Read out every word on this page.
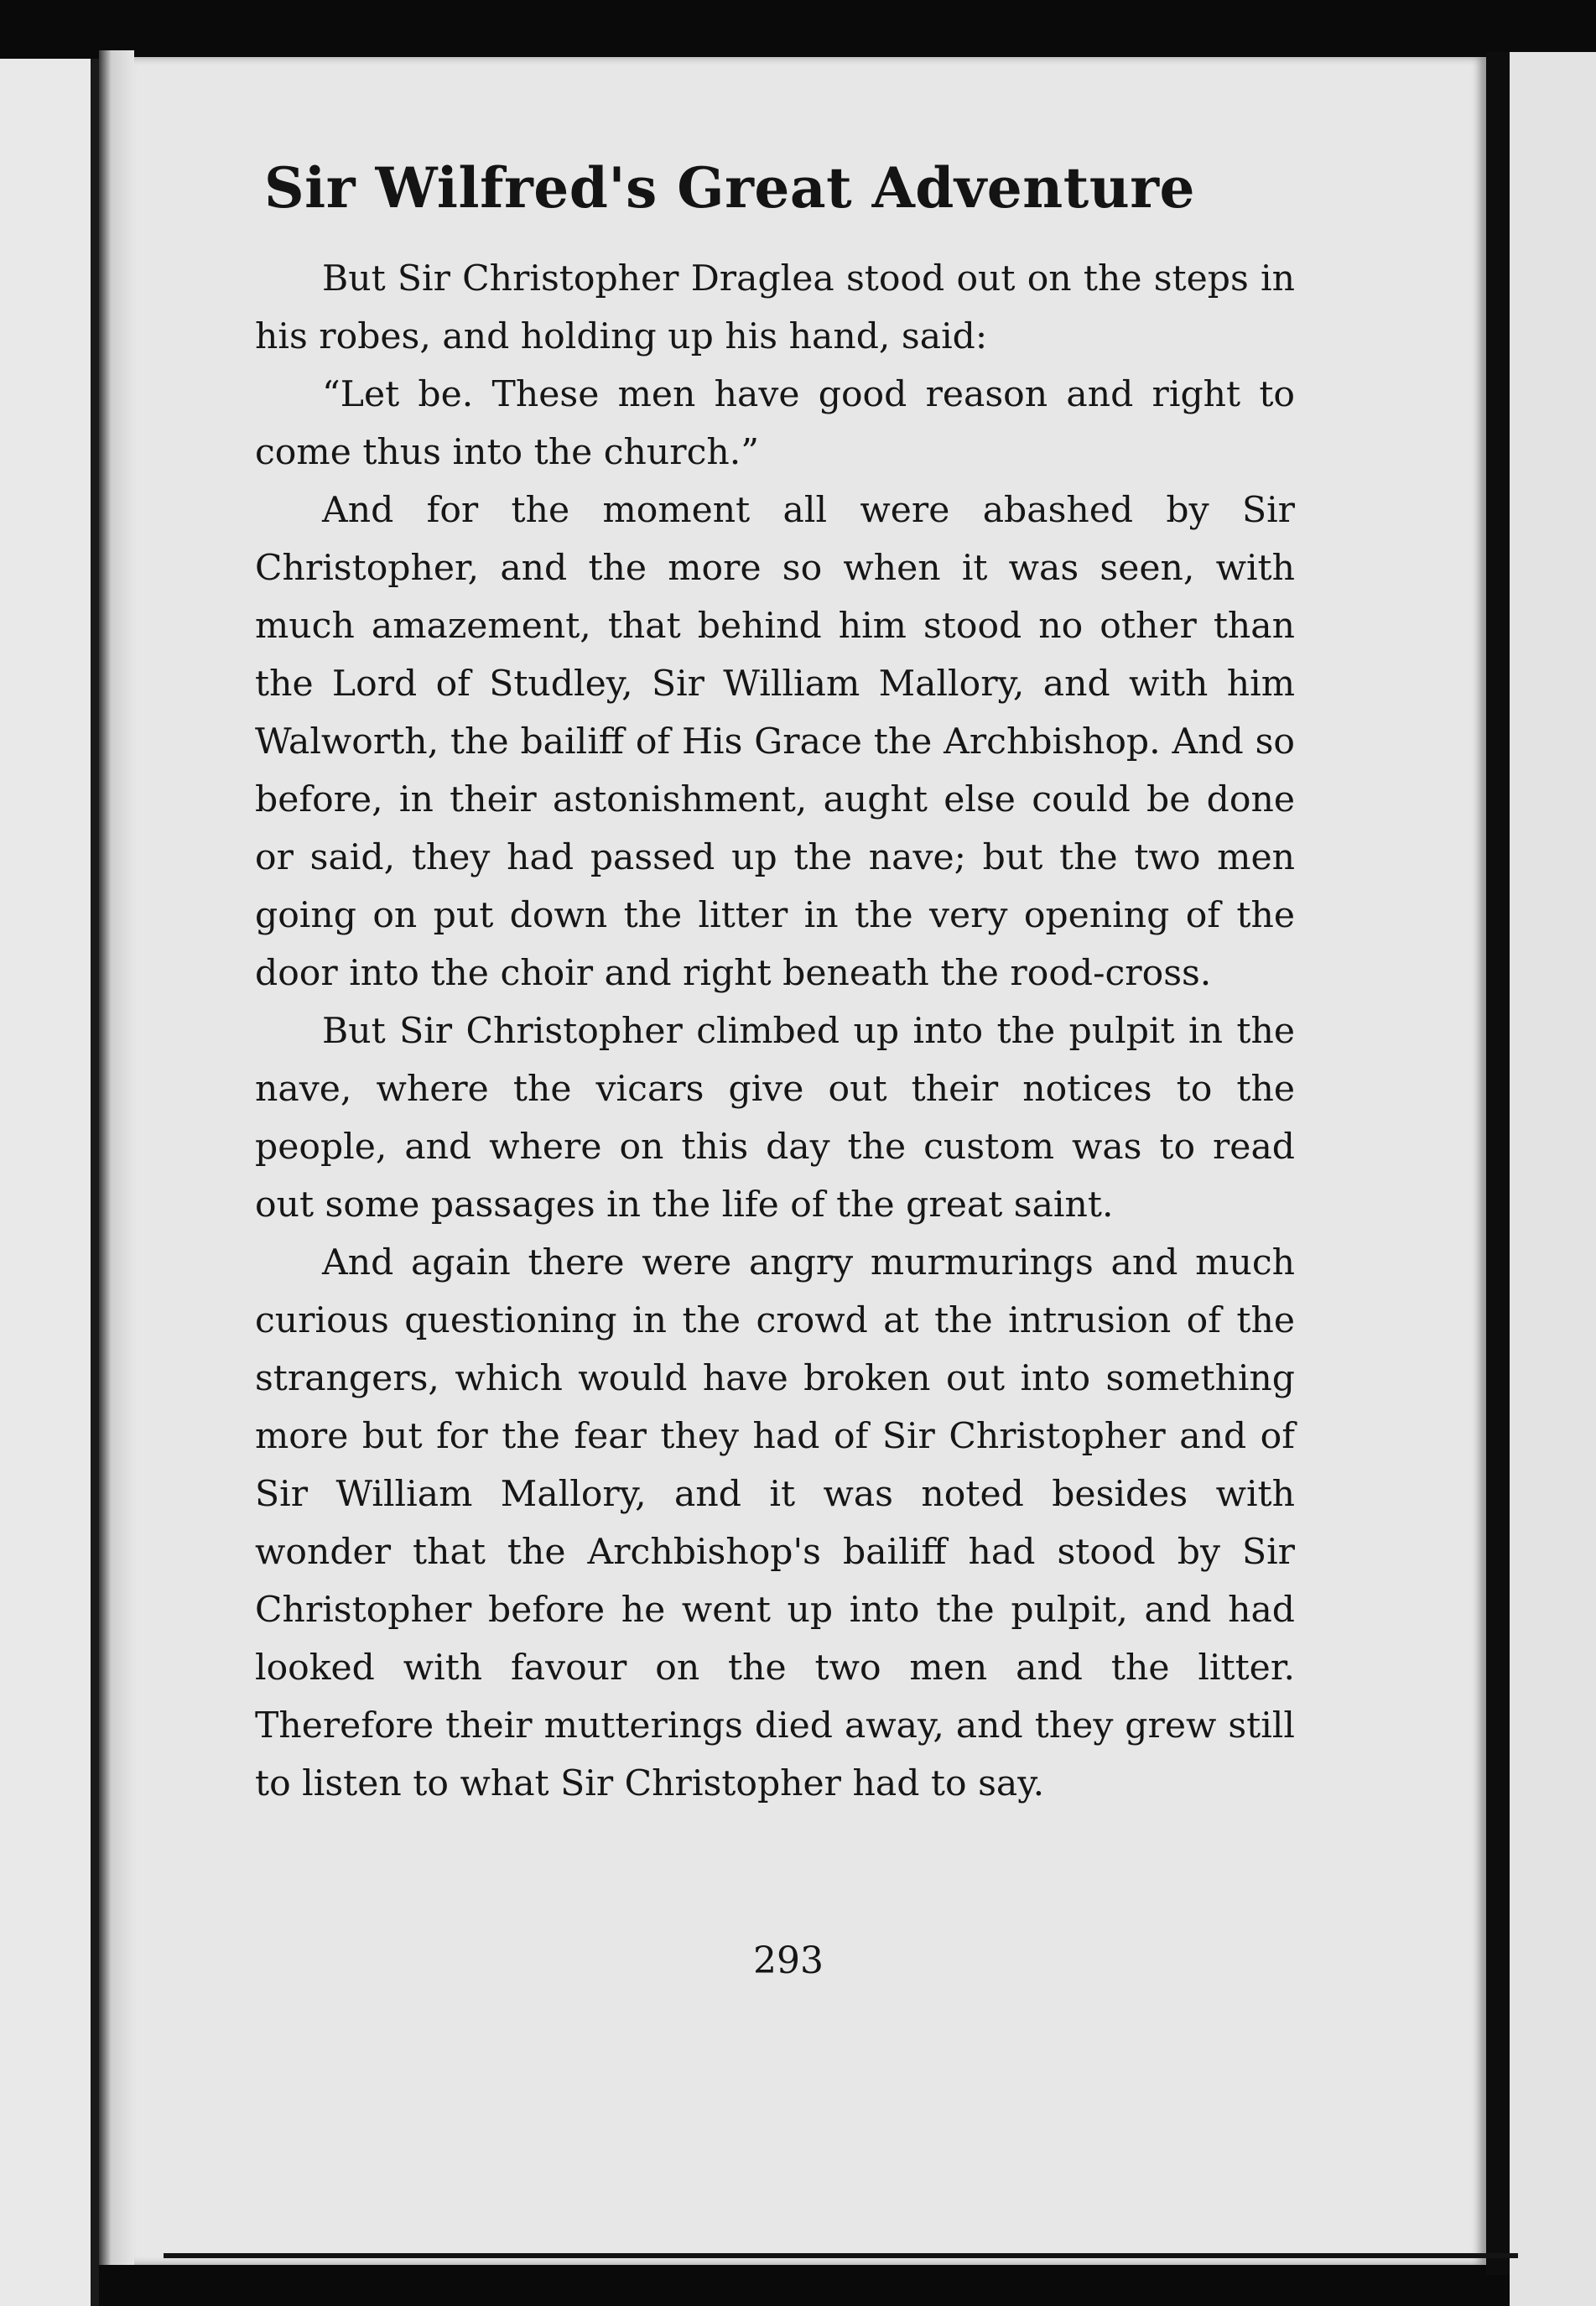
Sir Wilfred's Great Adventure

But Sir Christopher Draglea stood out on the steps in his robes, and holding up his hand, said:

“Let be. These men have good reason and right to come thus into the church.”

And for the moment all were abashed by Sir Christopher, and the more so when it was seen, with much amazement, that behind him stood no other than the Lord of Studley, Sir William Mallory, and with him Walworth, the bailiff of His Grace the Archbishop. And so before, in their astonishment, aught else could be done or said, they had passed up the nave; but the two men going on put down the litter in the very opening of the door into the choir and right beneath the rood-cross.

But Sir Christopher climbed up into the pulpit in the nave, where the vicars give out their notices to the people, and where on this day the custom was to read out some passages in the life of the great saint.

And again there were angry murmurings and much curious questioning in the crowd at the intrusion of the strangers, which would have broken out into something more but for the fear they had of Sir Christopher and of Sir William Mallory, and it was noted besides with wonder that the Archbishop's bailiff had stood by Sir Christopher before he went up into the pulpit, and had looked with favour on the two men and the litter. Therefore their mutterings died away, and they grew still to listen to what Sir Christopher had to say.

293
